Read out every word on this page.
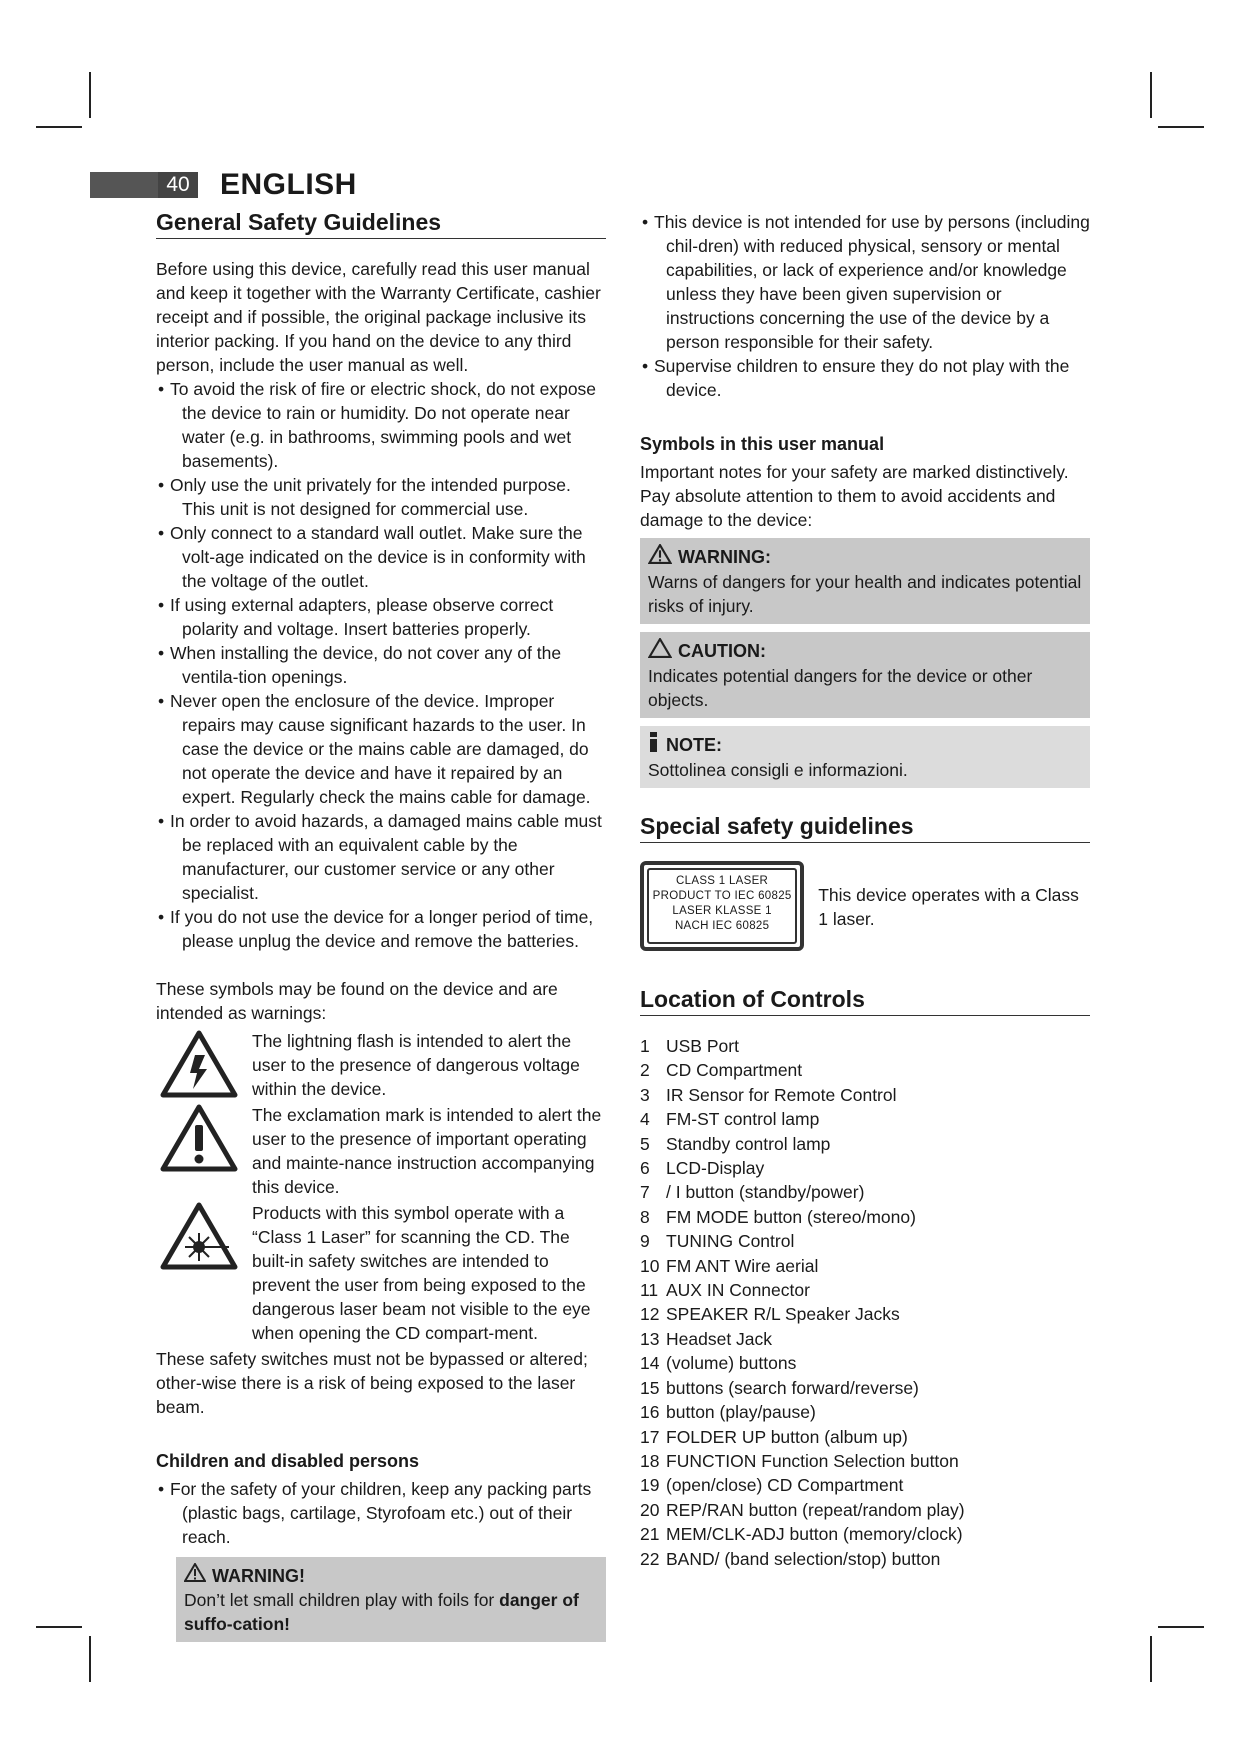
40 ENGLISH
General Safety Guidelines

Before using this device, carefully read this user manual and keep it together with the Warranty Certificate, cashier receipt and if possible, the original package inclusive its interior packing. If you hand on the device to any third person, include the user manual as well.

• To avoid the risk of fire or electric shock, do not expose the device to rain or humidity. Do not operate near water (e.g. in bathrooms, swimming pools and wet basements).
• Only use the unit privately for the intended purpose. This unit is not designed for commercial use.
• Only connect to a standard wall outlet. Make sure the volt-age indicated on the device is in conformity with the voltage of the outlet.
• If using external adapters, please observe correct polarity and voltage. Insert batteries properly.
• When installing the device, do not cover any of the ventila-tion openings.
• Never open the enclosure of the device. Improper repairs may cause significant hazards to the user. In case the device or the mains cable are damaged, do not operate the device and have it repaired by an expert. Regularly check the mains cable for damage.
• In order to avoid hazards, a damaged mains cable must be replaced with an equivalent cable by the manufacturer, our customer service or any other specialist.
• If you do not use the device for a longer period of time, please unplug the device and remove the batteries.

These symbols may be found on the device and are intended as warnings:

The lightning flash is intended to alert the user to the presence of dangerous voltage within the device.

The exclamation mark is intended to alert the user to the presence of important operating and mainte-nance instruction accompanying this device.

Products with this symbol operate with a “Class 1 Laser” for scanning the CD. The built-in safety switches are intended to prevent the user from being exposed to the dangerous laser beam not visible to the eye when opening the CD compart-ment.

These safety switches must not be bypassed or altered; other-wise there is a risk of being exposed to the laser beam.

Children and disabled persons
• For the safety of your children, keep any packing parts (plastic bags, cartilage, Styrofoam etc.) out of their reach.
WARNING!

Don’t let small children play with foils for danger of suffo-cation!

• This device is not intended for use by persons (including chil-dren) with reduced physical, sensory or mental capabilities, or lack of experience and/or knowledge unless they have been given supervision or instructions concerning the use of the device by a person responsible for their safety.
• Supervise children to ensure they do not play with the device.
Symbols in this user manual

Important notes for your safety are marked distinctively. Pay absolute attention to them to avoid accidents and damage to the device:

WARNING:

Warns of dangers for your health and indicates potential risks of injury.

CAUTION:

Indicates potential dangers for the device or other objects.

NOTE:

Sottolinea consigli e informazioni.

Special safety guidelines
CLASS 1 LASER
PRODUCT TO IEC 60825
LASER KLASSE 1
NACH IEC 60825

This device operates with a Class 1 laser.

Location of Controls
1 USB Port
2 CD Compartment
3 IR Sensor for Remote Control
4 FM-ST control lamp
5 Standby control lamp
6 LCD-Display
7 / I button (standby/power)
8 FM MODE button (stereo/mono)
9 TUNING Control
10 FM ANT Wire aerial
11 AUX IN Connector
12 SPEAKER R/L Speaker Jacks
13 Headset Jack
14 (volume) buttons
15 buttons (search forward/reverse)
16 button (play/pause)
17 FOLDER UP button (album up)
18 FUNCTION Function Selection button
19 (open/close) CD Compartment
20 REP/RAN button (repeat/random play)
21 MEM/CLK-ADJ button (memory/clock)
22 BAND/ (band selection/stop) button
